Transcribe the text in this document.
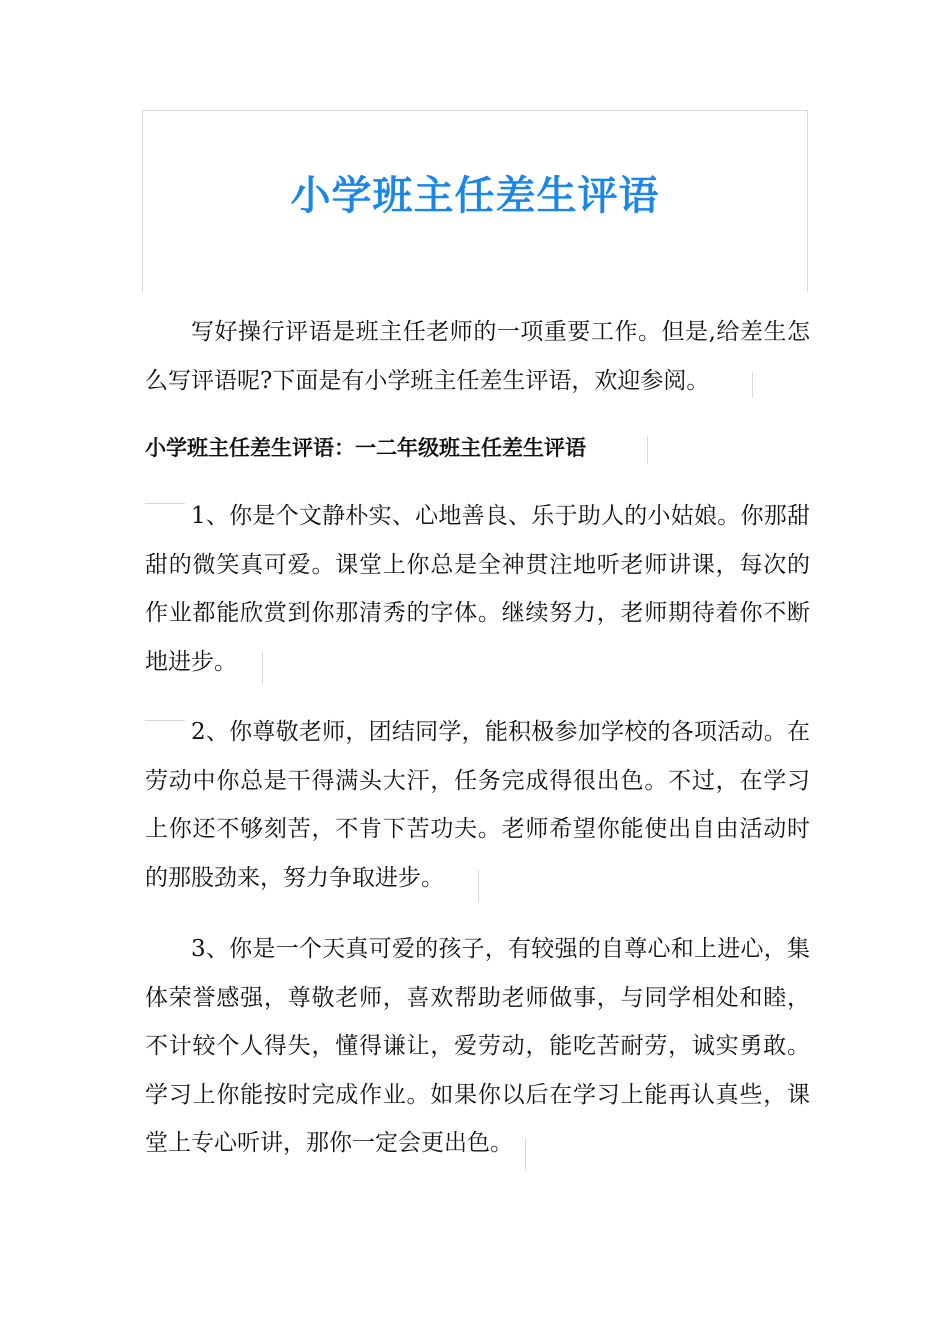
小学班主任差生评语

写好操行评语是班主任老师的一项重要工作。但是,给差生怎么写评语呢?下面是有小学班主任差生评语，欢迎参阅。

小学班主任差生评语：一二年级班主任差生评语

1、你是个文静朴实、心地善良、乐于助人的小姑娘。你那甜甜的微笑真可爱。课堂上你总是全神贯注地听老师讲课，每次的作业都能欣赏到你那清秀的字体。继续努力，老师期待着你不断地进步。

2、你尊敬老师，团结同学，能积极参加学校的各项活动。在劳动中你总是干得满头大汗，任务完成得很出色。不过，在学习上你还不够刻苦，不肯下苦功夫。老师希望你能使出自由活动时的那股劲来，努力争取进步。

3、你是一个天真可爱的孩子，有较强的自尊心和上进心，集体荣誉感强，尊敬老师，喜欢帮助老师做事，与同学相处和睦，不计较个人得失，懂得谦让，爱劳动，能吃苦耐劳，诚实勇敢。学习上你能按时完成作业。如果你以后在学习上能再认真些，课堂上专心听讲，那你一定会更出色。
